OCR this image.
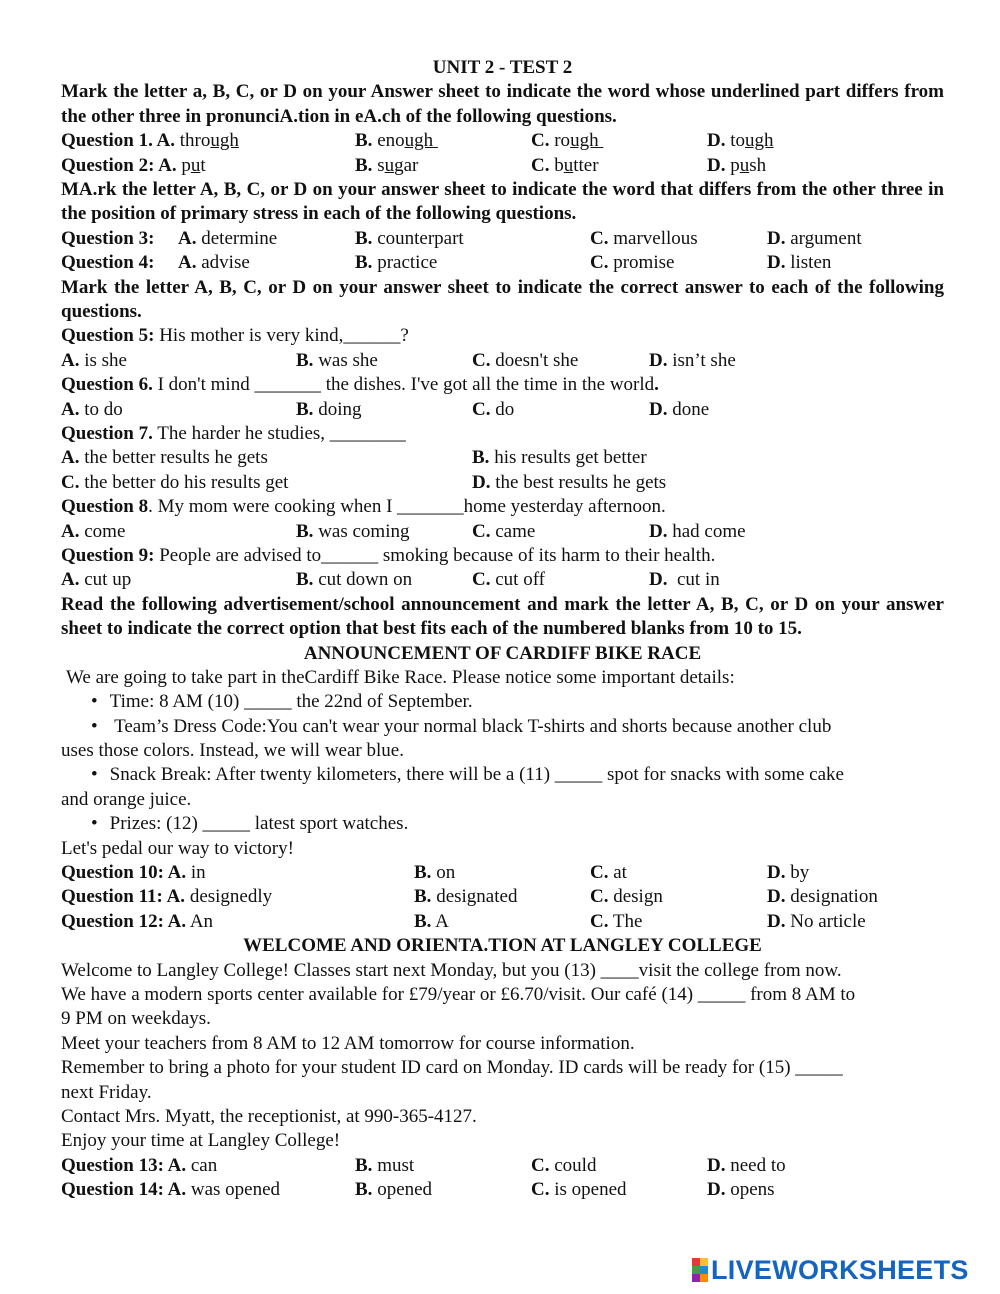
UNIT 2 - TEST 2
Mark the letter a, B, C, or D on your Answer sheet to indicate the word whose underlined part differs from the other three in pronunciA.tion in eA.ch of the following questions.
Question 1. A. through	B. enough	C. rough	D. tough
Question 2: A. put	B. sugar	C. butter	D. push
MA.rk the letter A, B, C, or D on your answer sheet to indicate the word that differs from the other three in the position of primary stress in each of the following questions.
Question 3:	A. determine	B. counterpart	C. marvellous	D. argument
Question 4:	A. advise	B. practice	C. promise	D. listen
Mark the letter A, B, C, or D on your answer sheet to indicate the correct answer to each of the following questions.
Question 5: His mother is very kind,______?
A. is she	B. was she	C. doesn't she	D. isn’t she
Question 6. I don't mind _______ the dishes. I've got all the time in the world.
A. to do	B. doing	C. do	D. done
Question 7. The harder he studies, ________
A. the better results he gets	B. his results get better
C. the better do his results get	D. the best results he gets
Question 8. My mom were cooking when I _______home yesterday afternoon.
A. come	B. was coming	C. came	D. had come
Question 9: People are advised to______ smoking because of its harm to their health.
A. cut up	B. cut down on	C. cut off	D.  cut in
Read the following advertisement/school announcement and mark the letter A, B, C, or D on your answer sheet to indicate the correct option that best fits each of the numbered blanks from 10 to 15.
ANNOUNCEMENT OF CARDIFF BIKE RACE
We are going to take part in theCardiff Bike Race. Please notice some important details:
• Time: 8 AM (10) _____ the 22nd of September.
•  Team’s Dress Code:You can't wear your normal black T-shirts and shorts because another club
uses those colors. Instead, we will wear blue.
• Snack Break: After twenty kilometers, there will be a (11) _____ spot for snacks with some cake
and orange juice.
• Prizes: (12) _____ latest sport watches.
Let's pedal our way to victory!
Question 10: A. in	B. on	C. at	D. by
Question 11: A. designedly	B. designated	C. design	D. designation
Question 12: A. An	B. A	C. The	D. No article
WELCOME AND ORIENTA.TION AT LANGLEY COLLEGE
Welcome to Langley College! Classes start next Monday, but you (13) ____visit the college from now.
We have a modern sports center available for £79/year or £6.70/visit. Our café (14) _____ from 8 AM to
9 PM on weekdays.
Meet your teachers from 8 AM to 12 AM tomorrow for course information.
Remember to bring a photo for your student ID card on Monday. ID cards will be ready for (15) _____
next Friday.
Contact Mrs. Myatt, the receptionist, at 990-365-4127.
Enjoy your time at Langley College!
Question 13: A. can	B. must	C. could	D. need to
Question 14: A. was opened	B. opened	C. is opened	D. opens
LIVEWORKSHEETS
